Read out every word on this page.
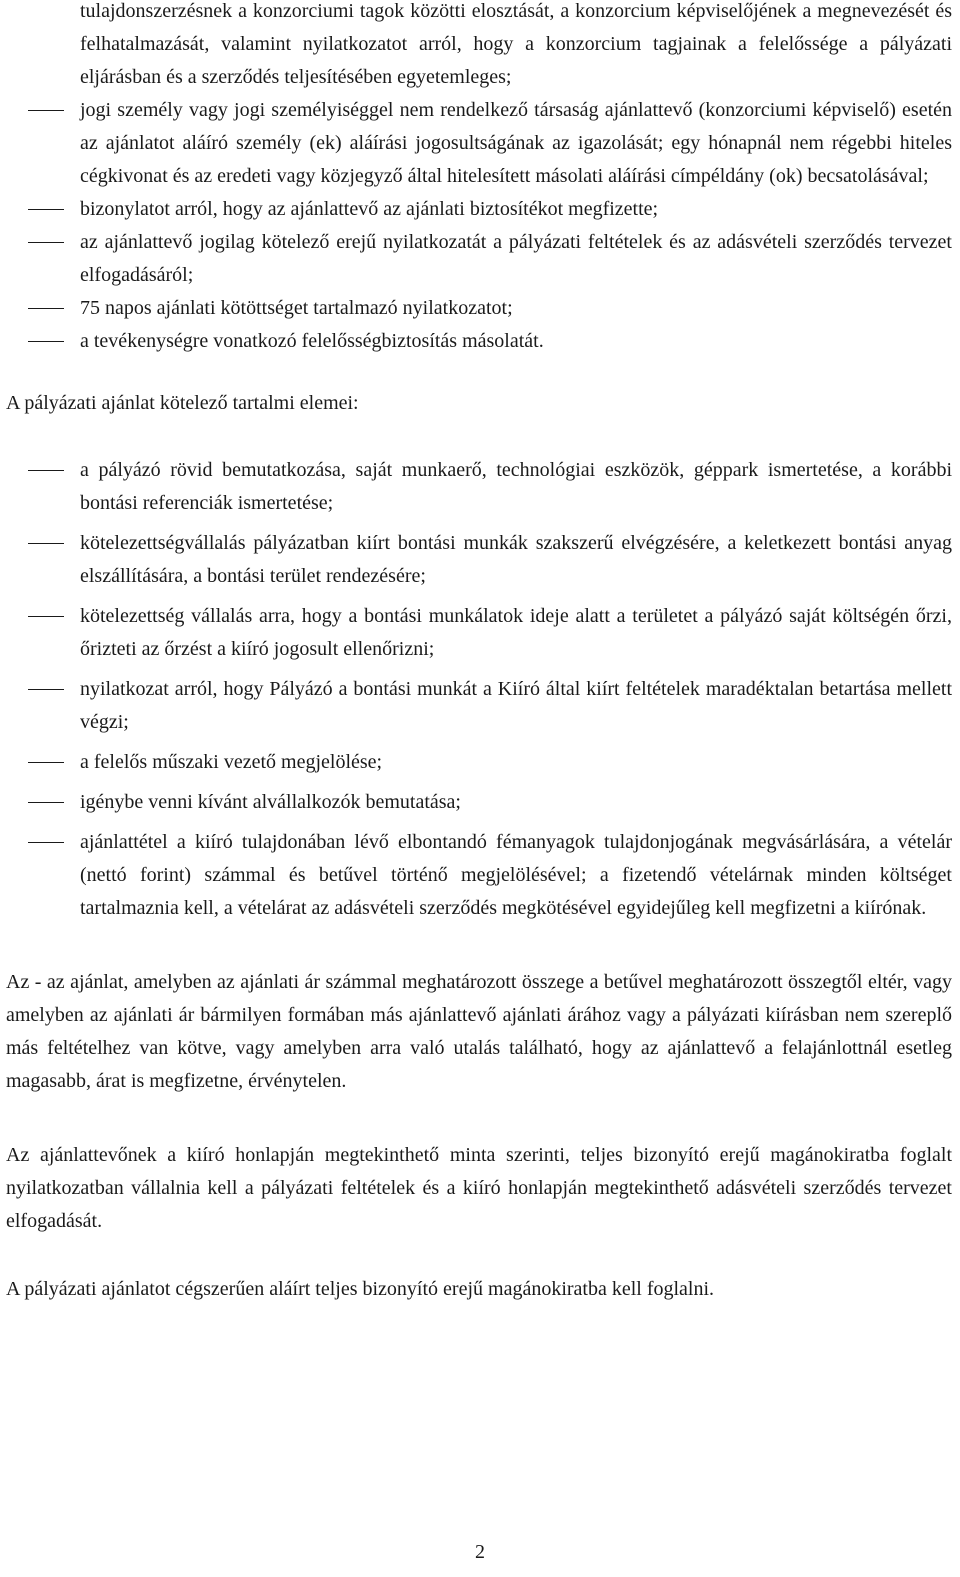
tulajdonszerzésnek a konzorciumi tagok közötti elosztását, a konzorcium képviselőjének a megnevezését és felhatalmazását, valamint nyilatkozatot arról, hogy a konzorcium tagjainak a felelőssége a pályázati eljárásban és a szerződés teljesítésében egyetemleges;

jogi személy vagy jogi személyiséggel nem rendelkező társaság ajánlattevő (konzorciumi képviselő) esetén az ajánlatot aláíró személy (ek) aláírási jogosultságának az igazolását; egy hónapnál nem régebbi hiteles cégkivonat és az eredeti vagy közjegyző által hitelesített másolati aláírási címpéldány (ok) becsatolásával;
bizonylatot arról, hogy az ajánlattevő az ajánlati biztosítékot megfizette;
az ajánlattevő jogilag kötelező erejű nyilatkozatát a pályázati feltételek és az adásvételi szerződés tervezet elfogadásáról;
75 napos ajánlati kötöttséget tartalmazó nyilatkozatot;
a tevékenységre vonatkozó felelősségbiztosítás másolatát.

A pályázati ajánlat kötelező tartalmi elemei:

a pályázó rövid bemutatkozása, saját munkaerő, technológiai eszközök, géppark ismertetése, a korábbi bontási referenciák ismertetése;
kötelezettségvállalás pályázatban kiírt bontási munkák szakszerű elvégzésére, a keletkezett bontási anyag elszállítására, a bontási terület rendezésére;
kötelezettség vállalás arra, hogy a bontási munkálatok ideje alatt a területet a pályázó saját költségén őrzi, őrizteti az őrzést a kiíró jogosult ellenőrizni;
nyilatkozat arról, hogy Pályázó a bontási munkát a Kiíró által kiírt feltételek maradéktalan betartása mellett végzi;
a felelős műszaki vezető megjelölése;
igénybe venni kívánt alvállalkozók bemutatása;
ajánlattétel a kiíró tulajdonában lévő elbontandó fémanyagok tulajdonjogának megvásárlására, a vételár (nettó forint) számmal és betűvel történő megjelölésével; a fizetendő vételárnak minden költséget tartalmaznia kell, a vételárat az adásvételi szerződés megkötésével egyidejűleg kell megfizetni a kiírónak.

Az - az ajánlat, amelyben az ajánlati ár számmal meghatározott összege a betűvel meghatározott összegtől eltér, vagy amelyben az ajánlati ár bármilyen formában más ajánlattevő ajánlati árához vagy a pályázati kiírásban nem szereplő más feltételhez van kötve, vagy amelyben arra való utalás található, hogy az ajánlattevő a felajánlottnál esetleg magasabb, árat is megfizetne, érvénytelen.

Az ajánlattevőnek a kiíró honlapján megtekinthető minta szerinti, teljes bizonyító erejű magánokiratba foglalt nyilatkozatban vállalnia kell a pályázati feltételek és a kiíró honlapján megtekinthető adásvételi szerződés tervezet elfogadását.

A pályázati ajánlatot cégszerűen aláírt teljes bizonyító erejű magánokiratba kell foglalni.

2
